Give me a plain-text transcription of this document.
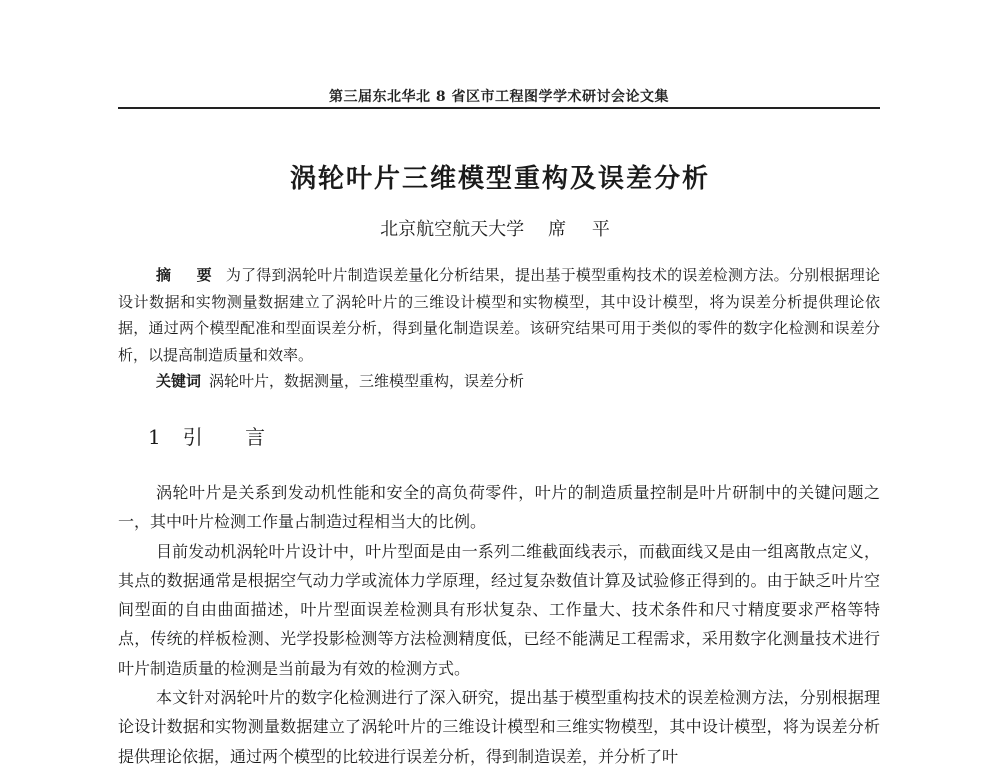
第三届东北华北 8 省区市工程图学学术研讨会论文集
涡轮叶片三维模型重构及误差分析
北京航空航天大学 席 平

摘 要 为了得到涡轮叶片制造误差量化分析结果，提出基于模型重构技术的误差检测方法。分别根据理论设计数据和实物测量数据建立了涡轮叶片的三维设计模型和实物模型，其中设计模型，将为误差分析提供理论依据，通过两个模型配准和型面误差分析，得到量化制造误差。该研究结果可用于类似的零件的数字化检测和误差分析，以提高制造质量和效率。

关键词 涡轮叶片，数据测量，三维模型重构，误差分析

1 引 言

涡轮叶片是关系到发动机性能和安全的高负荷零件，叶片的制造质量控制是叶片研制中的关键问题之一，其中叶片检测工作量占制造过程相当大的比例。

目前发动机涡轮叶片设计中，叶片型面是由一系列二维截面线表示，而截面线又是由一组离散点定义，其点的数据通常是根据空气动力学或流体力学原理，经过复杂数值计算及试验修正得到的。由于缺乏叶片空间型面的自由曲面描述，叶片型面误差检测具有形状复杂、工作量大、技术条件和尺寸精度要求严格等特点，传统的样板检测、光学投影检测等方法检测精度低，已经不能满足工程需求，采用数字化测量技术进行叶片制造质量的检测是当前最为有效的检测方式。

本文针对涡轮叶片的数字化检测进行了深入研究，提出基于模型重构技术的误差检测方法，分别根据理论设计数据和实物测量数据建立了涡轮叶片的三维设计模型和三维实物模型，其中设计模型，将为误差分析提供理论依据，通过两个模型的比较进行误差分析，得到制造误差，并分析了叶
